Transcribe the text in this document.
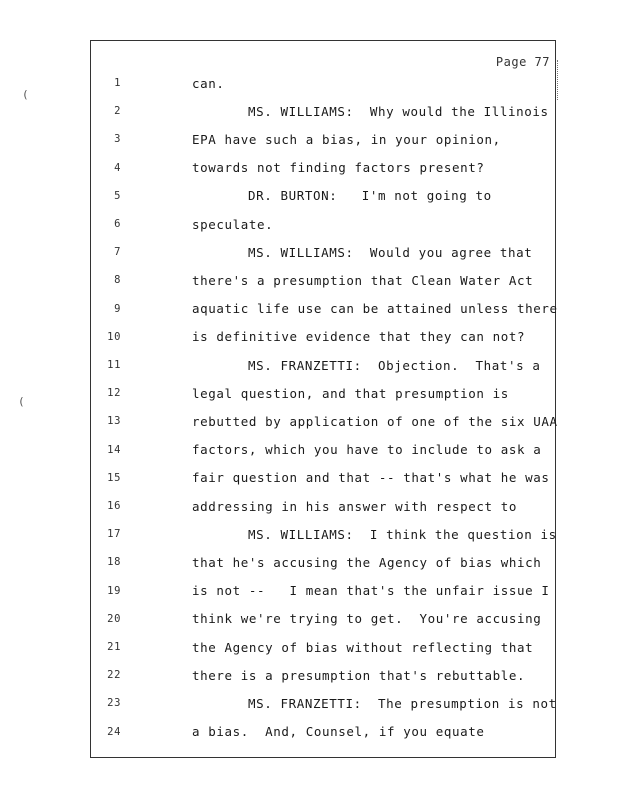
Page 77
(
(
1	can.
2	MS. WILLIAMS:  Why would the Illinois
3	EPA have such a bias, in your opinion,
4	towards not finding factors present?
5	DR. BURTON:   I'm not going to
6	speculate.
7	MS. WILLIAMS:  Would you agree that
8	there's a presumption that Clean Water Act
9	aquatic life use can be attained unless there
10	is definitive evidence that they can not?
11	MS. FRANZETTI:  Objection.  That's a
12	legal question, and that presumption is
13	rebutted by application of one of the six UAA
14	factors, which you have to include to ask a
15	fair question and that -- that's what he was
16	addressing in his answer with respect to
17	MS. WILLIAMS:  I think the question is
18	that he's accusing the Agency of bias which
19	is not --   I mean that's the unfair issue I
20	think we're trying to get.  You're accusing
21	the Agency of bias without reflecting that
22	there is a presumption that's rebuttable.
23	MS. FRANZETTI:  The presumption is not
24	a bias.  And, Counsel, if you equate
